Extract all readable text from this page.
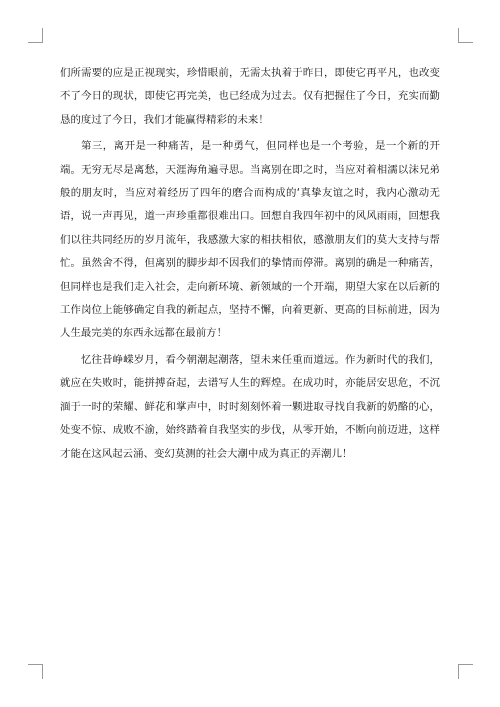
们所需要的应是正视现实，珍惜眼前，无需太执着于昨日，即使它再平凡，也改变不了今日的现状，即使它再完美，也已经成为过去。仅有把握住了今日，充实而勤恳的度过了今日，我们才能赢得精彩的未来！

第三，离开是一种痛苦，是一种勇气，但同样也是一个考验，是一个新的开端。无穷无尽是离愁，天涯海角遍寻思。当离别在即之时，当应对着相濡以沫兄弟般的朋友时，当应对着经历了四年的磨合而构成的‘真挚友谊之时，我内心激动无语，说一声再见，道一声珍重都很难出口。回想自我四年初中的风风雨雨，回想我们以往共同经历的岁月流年，我感激大家的相扶相依，感激朋友们的莫大支持与帮忙。虽然舍不得，但离别的脚步却不因我们的挚情而停滞。离别的确是一种痛苦，但同样也是我们走入社会，走向新环境、新领域的一个开端，期望大家在以后新的工作岗位上能够确定自我的新起点，坚持不懈，向着更新、更高的目标前进，因为人生最完美的东西永远都在最前方！

忆往昔峥嵘岁月，看今朝潮起潮落，望未来任重而道远。作为新时代的我们，就应在失败时，能拼搏奋起，去谱写人生的辉煌。在成功时，亦能居安思危，不沉湎于一时的荣耀、鲜花和掌声中，时时刻刻怀着一颗进取寻找自我新的奶酪的心，处变不惊、成败不渝，始终踏着自我坚实的步伐，从零开始，不断向前迈进，这样才能在这风起云涌、变幻莫测的社会大潮中成为真正的弄潮儿！
